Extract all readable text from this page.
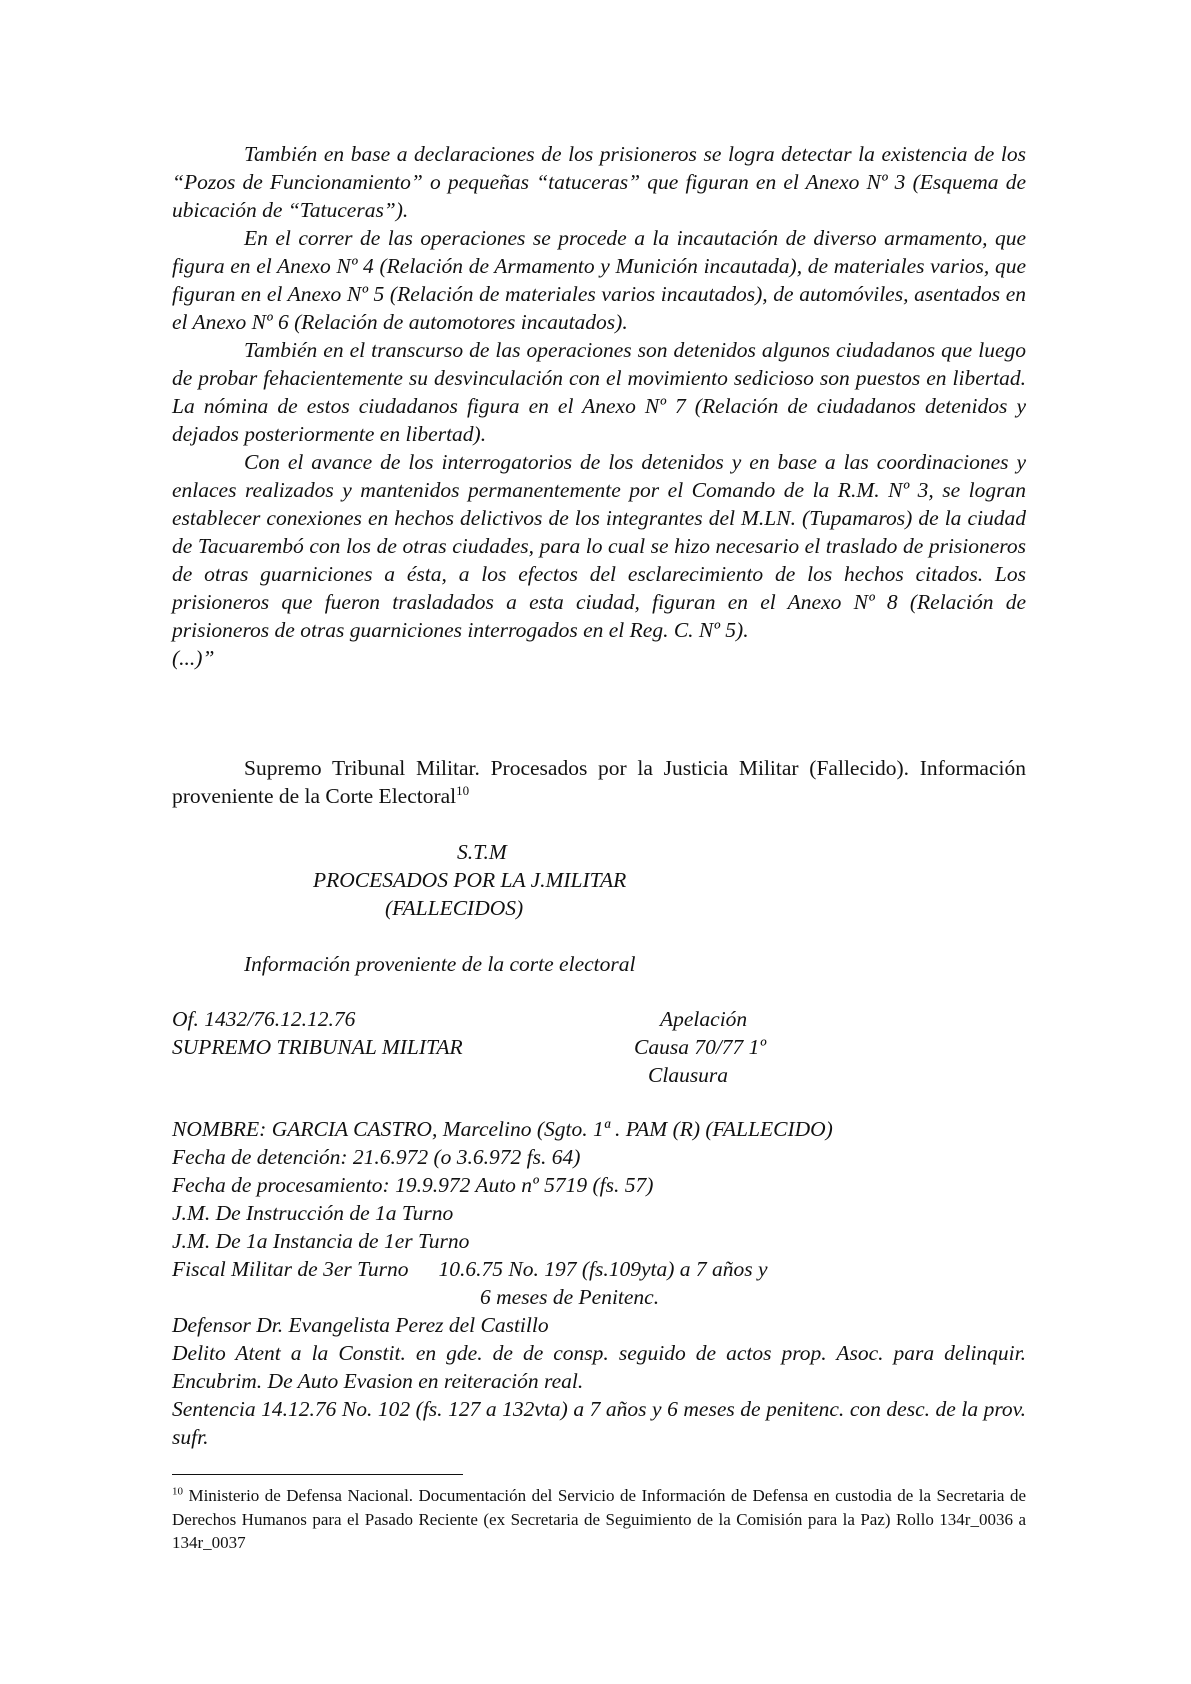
También en base a declaraciones de los prisioneros se logra detectar la existencia de los “Pozos de Funcionamiento” o pequeñas “tatuceras” que figuran en el Anexo Nº 3 (Esquema de ubicación de “Tatuceras”).

En el correr de las operaciones se procede a la incautación de diverso armamento, que figura en el Anexo Nº 4 (Relación de Armamento y Munición incautada), de materiales varios, que figuran en el Anexo Nº 5 (Relación de materiales varios incautados), de automóviles, asentados en el Anexo Nº 6 (Relación de automotores incautados).

También en el transcurso de las operaciones son detenidos algunos ciudadanos que luego de probar fehacientemente su desvinculación con el movimiento sedicioso son puestos en libertad. La nómina de estos ciudadanos figura en el Anexo Nº 7 (Relación de ciudadanos detenidos y dejados posteriormente en libertad).

Con el avance de los interrogatorios de los detenidos y en base a las coordinaciones y enlaces realizados y mantenidos permanentemente por el Comando de la R.M. Nº 3, se logran establecer conexiones en hechos delictivos de los integrantes del M.LN. (Tupamaros) de la ciudad de Tacuarembó con los de otras ciudades, para lo cual se hizo necesario el traslado de prisioneros de otras guarniciones a ésta, a los efectos del esclarecimiento de los hechos citados. Los prisioneros que fueron trasladados a esta ciudad, figuran en el Anexo Nº 8 (Relación de prisioneros de otras guarniciones interrogados en el Reg. C. Nº 5).

(...)”

Supremo Tribunal Militar. Procesados por la Justicia Militar (Fallecido). Información proveniente de la Corte Electoral$^{10}$

S.T.M
PROCESADOS POR LA J.MILITAR
(FALLECIDOS)
Información proveniente de la corte electoral
Of. 1432/76.12.12.76
SUPREMO TRIBUNAL MILITAR
Apelación
Causa 70/77 1º
Clausura

NOMBRE: GARCIA CASTRO, Marcelino (Sgto. 1ª . PAM (R) (FALLECIDO)

Fecha de detención: 21.6.972 (o 3.6.972 fs. 64)

Fecha de procesamiento: 19.9.972 Auto nº 5719 (fs. 57)

J.M. De Instrucción de 1a Turno

J.M. De 1a Instancia de 1er Turno

Fiscal Militar de 3er Turno 10.6.75 No. 197 (fs.109yta) a 7 años y

6 meses de Penitenc.

Defensor Dr. Evangelista Perez del Castillo

Delito Atent a la Constit. en gde. de de consp. seguido de actos prop. Asoc. para delinquir. Encubrim. De Auto Evasion en reiteración real.

Sentencia 14.12.76 No. 102 (fs. 127 a 132vta) a 7 años y 6 meses de penitenc. con desc. de la prov. sufr.

$^{10}$ Ministerio de Defensa Nacional. Documentación del Servicio de Información de Defensa en custodia de la Secretaria de Derechos Humanos para el Pasado Reciente (ex Secretaria de Seguimiento de la Comisión para la Paz) Rollo 134r_0036 a 134r_0037
